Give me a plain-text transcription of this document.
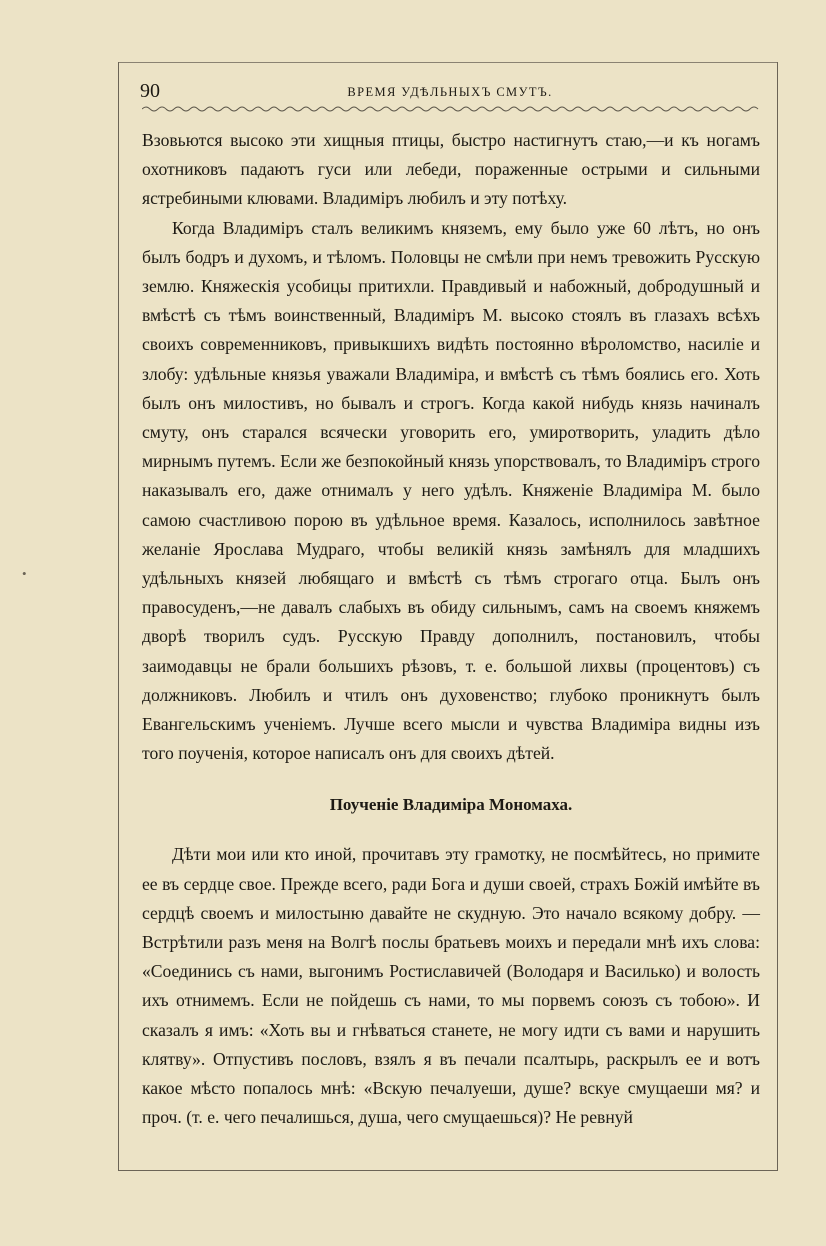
90	ВРЕМЯ УДѢЛЬНЫХЪ СМУТЪ.

Взовьются высоко эти хищныя птицы, быстро настигнутъ стаю,—и къ ногамъ охотниковъ падаютъ гуси или лебеди, пораженные острыми и сильными ястребиными клювами. Владиміръ любилъ и эту потѣху.

Когда Владиміръ сталъ великимъ княземъ, ему было уже 60 лѣтъ, но онъ былъ бодръ и духомъ, и тѣломъ. Половцы не смѣли при немъ тревожить Русскую землю. Княжескія усобицы притихли. Правдивый и набожный, добродушный и вмѣстѣ съ тѣмъ воинственный, Владиміръ М. высоко стоялъ въ глазахъ всѣхъ своихъ современниковъ, привыкшихъ видѣть постоянно вѣроломство, насиліе и злобу: удѣльные князья уважали Владиміра, и вмѣстѣ съ тѣмъ боялись его. Хоть былъ онъ милостивъ, но бывалъ и строгъ. Когда какой нибудь князь начиналъ смуту, онъ старался всячески уговорить его, умиротворить, уладить дѣло мирнымъ путемъ. Если же безпокойный князь упорствовалъ, то Владиміръ строго наказывалъ его, даже отнималъ у него удѣлъ. Княженіе Владиміра М. было самою счастливою порою въ удѣльное время. Казалось, исполнилось завѣтное желаніе Ярослава Мудраго, чтобы великій князь замѣнялъ для младшихъ удѣльныхъ князей любящаго и вмѣстѣ съ тѣмъ строгаго отца. Былъ онъ правосуденъ,—не давалъ слабыхъ въ обиду сильнымъ, самъ на своемъ княжемъ дворѣ творилъ судъ. Русскую Правду дополнилъ, постановилъ, чтобы заимодавцы не брали большихъ рѣзовъ, т. е. большой лихвы (процентовъ) съ должниковъ. Любилъ и чтилъ онъ духовенство; глубоко проникнутъ былъ Евангельскимъ ученіемъ. Лучше всего мысли и чувства Владиміра видны изъ того поученія, которое написалъ онъ для своихъ дѣтей.

Поученіе Владиміра Мономаха.

Дѣти мои или кто иной, прочитавъ эту грамотку, не посмѣйтесь, но примите ее въ сердце свое. Прежде всего, ради Бога и души своей, страхъ Божій имѣйте въ сердцѣ своемъ и милостыню давайте не скудную. Это начало всякому добру. — Встрѣтили разъ меня на Волгѣ послы братьевъ моихъ и передали мнѣ ихъ слова: «Соединись съ нами, выгонимъ Ростиславичей (Володаря и Василько) и волость ихъ отнимемъ. Если не пойдешь съ нами, то мы порвемъ союзъ съ тобою». И сказалъ я имъ: «Хоть вы и гнѣваться станете, не могу идти съ вами и нарушить клятву». Отпустивъ пословъ, взялъ я въ печали псалтырь, раскрылъ ее и вотъ какое мѣсто попалось мнѣ: «Вскую печалуеши, душе? вскуе смущаеши мя? и проч. (т. е. чего печалишься, душа, чего смущаешься)? Не ревнуй

•
